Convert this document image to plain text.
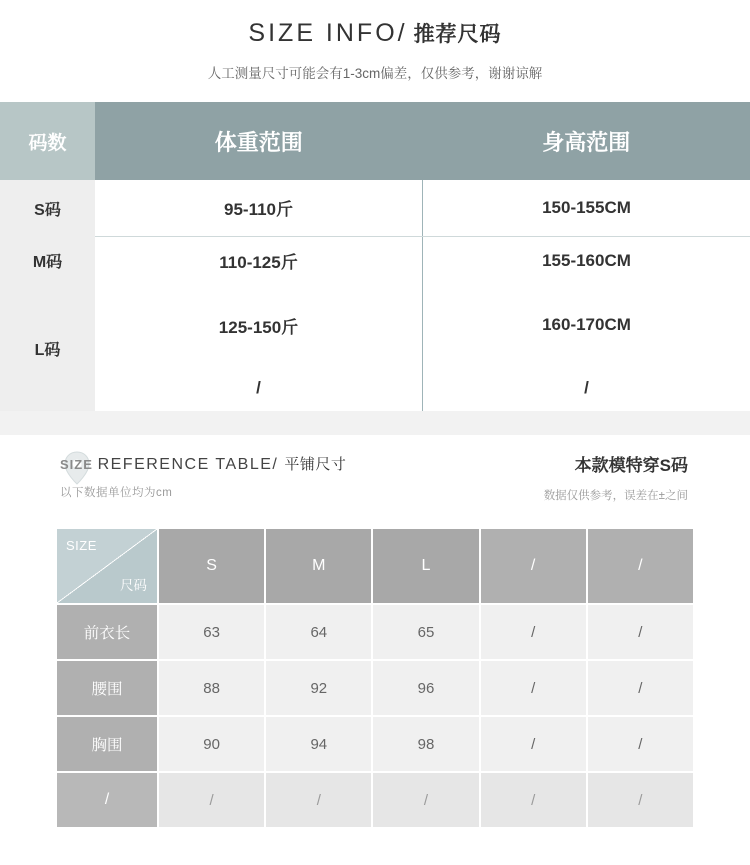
SIZE INFO/ 推荐尺码
人工测量尺寸可能会有1-3cm偏差，仅供参考，谢谢谅解
码数	体重范围	身高范围
S码	95-110斤	150-155CM
M码	110-125斤	155-160CM
L码	125-150斤	160-170CM
	/	/
SIZE REFERENCE TABLE/ 平铺尺寸
以下数据单位均为cm
本款模特穿S码
数据仅供参考，误差在±之间
SIZE
尺码	S	M	L	/	/
前衣长	63	64	65	/	/
腰围	88	92	96	/	/
胸围	90	94	98	/	/
/	/	/	/	/	/
